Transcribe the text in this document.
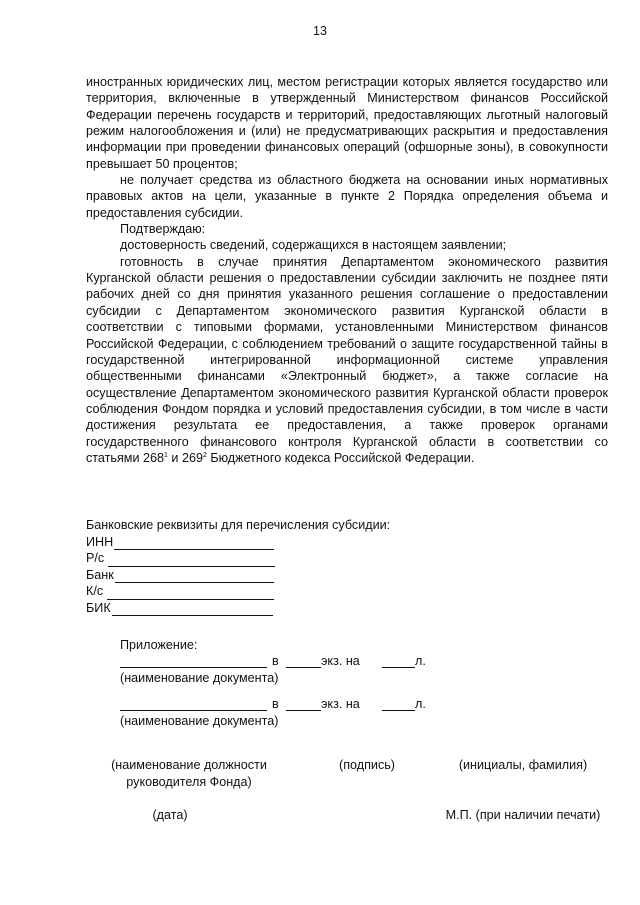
13

иностранных юридических лиц, местом регистрации которых является государство или территория, включенные в утвержденный Министерством финансов Российской Федерации перечень государств и территорий, предоставляющих льготный налоговый режим налогообложения и (или) не предусматривающих раскрытия и предоставления информации при проведении финансовых операций (офшорные зоны), в совокупности превышает 50 процентов;

не получает средства из областного бюджета на основании иных нормативных правовых актов на цели, указанные в пункте 2 Порядка определения объема и предоставления субсидии.

Подтверждаю:

достоверность сведений, содержащихся в настоящем заявлении;

готовность в случае принятия Департаментом экономического развития Курганской области решения о предоставлении субсидии заключить не позднее пяти рабочих дней со дня принятия указанного решения соглашение о предоставлении субсидии с Департаментом экономического развития Курганской области в соответствии с типовыми формами, установленными Министерством финансов Российской Федерации, с соблюдением требований о защите государственной тайны в государственной интегрированной информационной системе управления общественными финансами «Электронный бюджет», а также согласие на осуществление Департаментом экономического развития Курганской области проверок соблюдения Фондом порядка и условий предоставления субсидии, в том числе в части достижения результата ее предоставления, а также проверок органами государственного финансового контроля Курганской области в соответствии со статьями $268^1$ и $269^2$ Бюджетного кодекса Российской Федерации.

Банковские реквизиты для перечисления субсидии:
ИНН
Р/с
Банк
К/с
БИК
Приложение:
в	экз. на	л.
(наименование документа)
в	экз. на	л.
(наименование документа)
(наименование должности
руководителя Фонда)
(подпись)	(инициалы, фамилия)
(дата)	М.П. (при наличии печати)
